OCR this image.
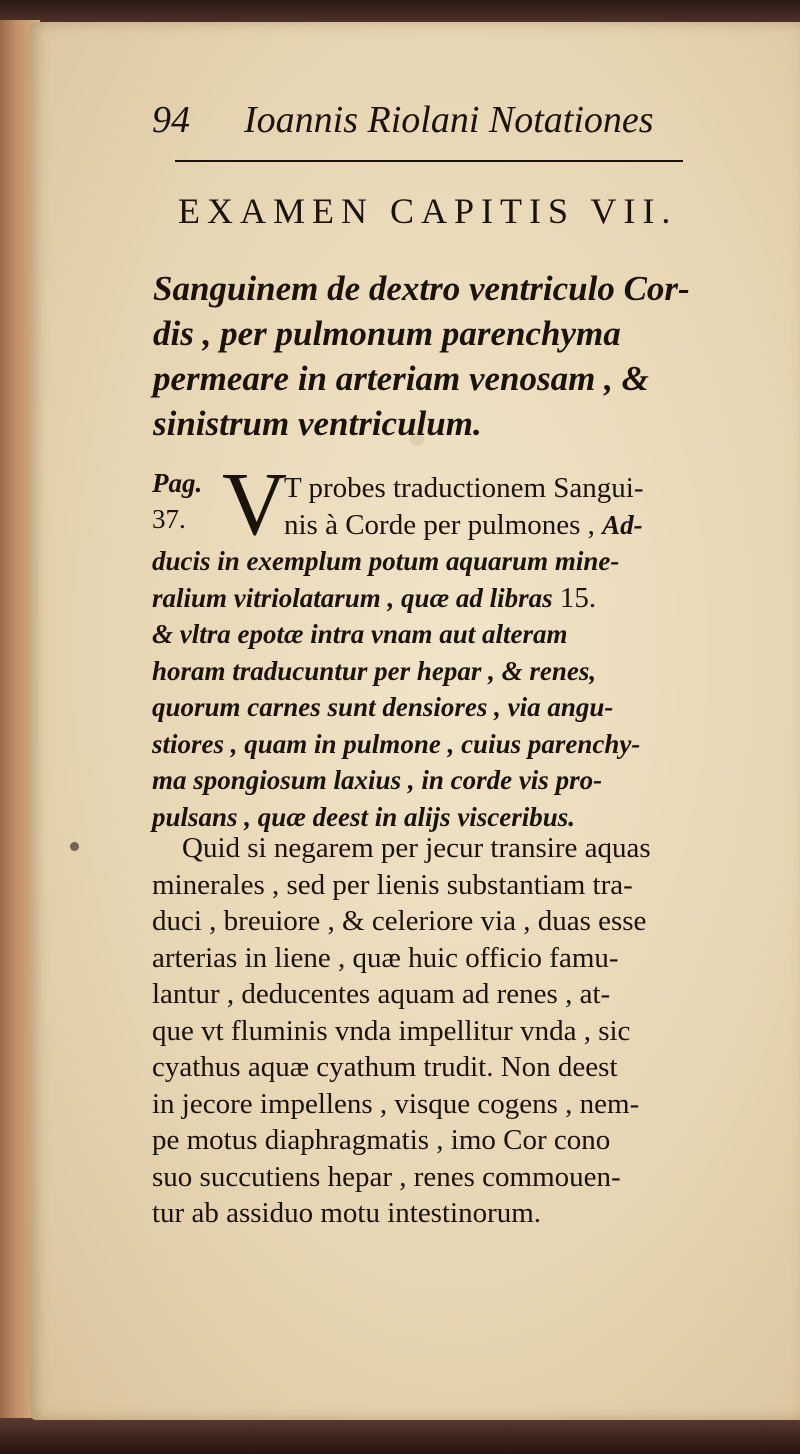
94 Ioannis Riolani Notationes
EXAMEN CAPITIS VII.
Sanguinem de dextro ventriculo Cor-
dis , per pulmonum parenchyma
permeare in arteriam venosam , &
sinistrum ventriculum.
Pag.
37. V
T probes traductionem Sangui-
nis à Corde per pulmones , Ad-
ducis in exemplum potum aquarum mine-
ralium vitriolatarum , quæ ad libras 15.
& vltra epotæ intra vnam aut alteram
horam traducuntur per hepar , & renes,
quorum carnes sunt densiores , via angu-
stiores , quam in pulmone , cuius parenchy-
ma spongiosum laxius , in corde vis pro-
pulsans , quæ deest in alijs visceribus.
Quid si negarem per jecur transire aquas
minerales , sed per lienis substantiam tra-
duci , breuiore , & celeriore via , duas esse
arterias in liene , quæ huic officio famu-
lantur , deducentes aquam ad renes , at-
que vt fluminis vnda impellitur vnda , sic
cyathus aquæ cyathum trudit. Non deest
in jecore impellens , visque cogens , nem-
pe motus diaphragmatis , imo Cor cono
suo succutiens hepar , renes commouen-
tur ab assiduo motu intestinorum.
